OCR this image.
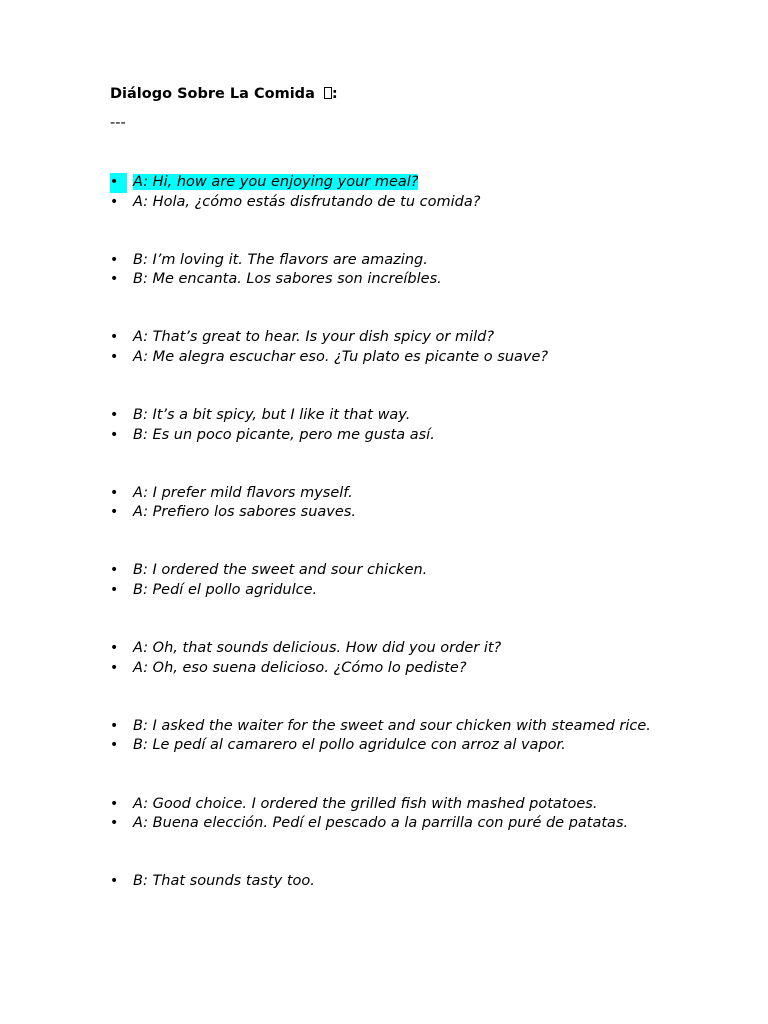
Diálogo Sobre La Comida :
---
•	A: Hi, how are you enjoying your meal?
• A: Hola, ¿cómo estás disfrutando de tu comida?
• B: I’m loving it. The flavors are amazing.
• B: Me encanta. Los sabores son increíbles.
• A: That’s great to hear. Is your dish spicy or mild?
• A: Me alegra escuchar eso. ¿Tu plato es picante o suave?
• B: It’s a bit spicy, but I like it that way.
• B: Es un poco picante, pero me gusta así.
• A: I prefer mild flavors myself.
• A: Prefiero los sabores suaves.
• B: I ordered the sweet and sour chicken.
• B: Pedí el pollo agridulce.
• A: Oh, that sounds delicious. How did you order it?
• A: Oh, eso suena delicioso. ¿Cómo lo pediste?
• B: I asked the waiter for the sweet and sour chicken with steamed rice.
• B: Le pedí al camarero el pollo agridulce con arroz al vapor.
• A: Good choice. I ordered the grilled fish with mashed potatoes.
• A: Buena elección. Pedí el pescado a la parrilla con puré de patatas.
• B: That sounds tasty too.
